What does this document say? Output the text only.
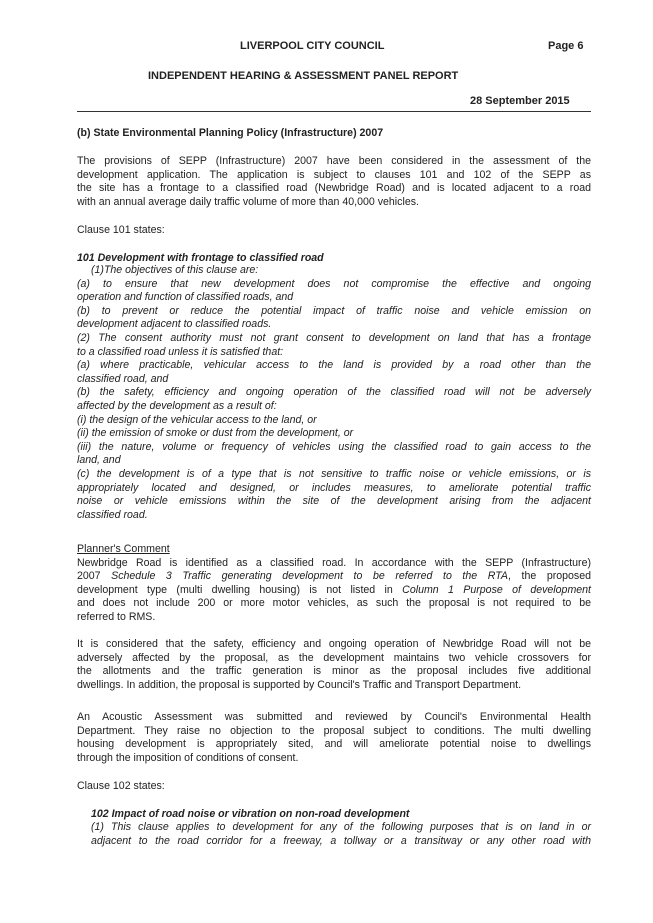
LIVERPOOL CITY COUNCIL	Page 6
INDEPENDENT HEARING & ASSESSMENT PANEL REPORT
28 September 2015
(b) State Environmental Planning Policy (Infrastructure) 2007
The provisions of SEPP (Infrastructure) 2007 have been considered in the assessment of the
development application. The application is subject to clauses 101 and 102 of the SEPP as
the site has a frontage to a classified road (Newbridge Road) and is located adjacent to a road
with an annual average daily traffic volume of more than 40,000 vehicles.
Clause 101 states:
101 Development with frontage to classified road
(1)The objectives of this clause are:
(a) to ensure that new development does not compromise the effective and ongoing
operation and function of classified roads, and
(b) to prevent or reduce the potential impact of traffic noise and vehicle emission on
development adjacent to classified roads.
(2) The consent authority must not grant consent to development on land that has a frontage
to a classified road unless it is satisfied that:
(a) where practicable, vehicular access to the land is provided by a road other than the
classified road, and
(b) the safety, efficiency and ongoing operation of the classified road will not be adversely
affected by the development as a result of:
(i) the design of the vehicular access to the land, or
(ii) the emission of smoke or dust from the development, or
(iii) the nature, volume or frequency of vehicles using the classified road to gain access to the
land, and
(c) the development is of a type that is not sensitive to traffic noise or vehicle emissions, or is
appropriately located and designed, or includes measures, to ameliorate potential traffic
noise or vehicle emissions within the site of the development arising from the adjacent
classified road.
Planner's Comment
Newbridge Road is identified as a classified road. In accordance with the SEPP (Infrastructure)
2007 Schedule 3 Traffic generating development to be referred to the RTA, the proposed
development type (multi dwelling housing) is not listed in Column 1 Purpose of development
and does not include 200 or more motor vehicles, as such the proposal is not required to be
referred to RMS.
It is considered that the safety, efficiency and ongoing operation of Newbridge Road will not be
adversely affected by the proposal, as the development maintains two vehicle crossovers for
the allotments and the traffic generation is minor as the proposal includes five additional
dwellings. In addition, the proposal is supported by Council's Traffic and Transport Department.
An Acoustic Assessment was submitted and reviewed by Council's Environmental Health
Department. They raise no objection to the proposal subject to conditions. The multi dwelling
housing development is appropriately sited, and will ameliorate potential noise to dwellings
through the imposition of conditions of consent.
Clause 102 states:
102 Impact of road noise or vibration on non-road development
(1) This clause applies to development for any of the following purposes that is on land in or
adjacent to the road corridor for a freeway, a tollway or a transitway or any other road with
